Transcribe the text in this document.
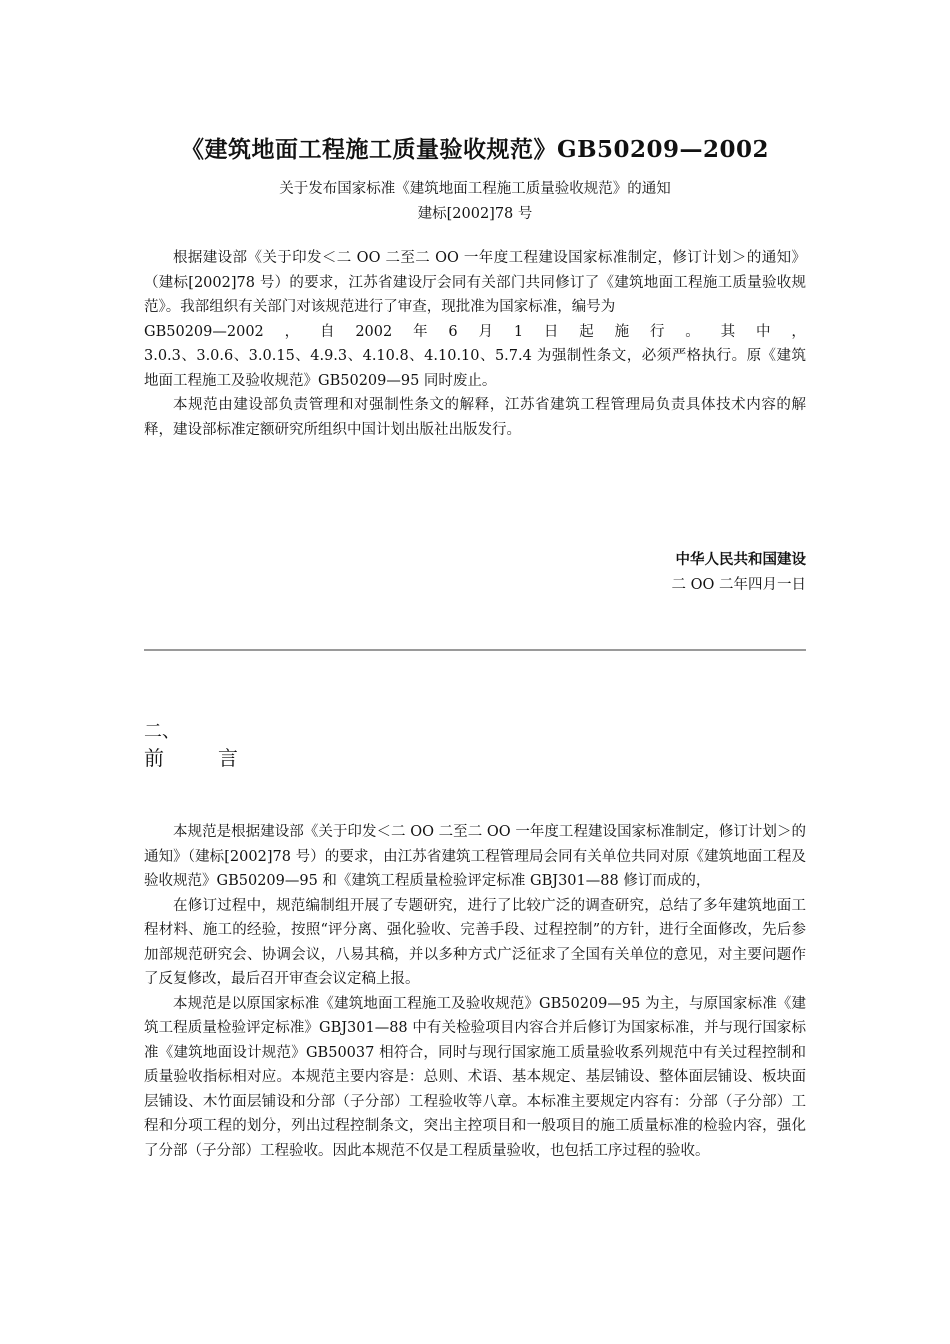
《建筑地面工程施工质量验收规范》GB50209—2002

关于发布国家标准《建筑地面工程施工质量验收规范》的通知

建标[2002]78 号

根据建设部《关于印发＜二 OO 二至二 OO 一年度工程建设国家标准制定，修订计划＞的通知》（建标[2002]78 号）的要求，江苏省建设厅会同有关部门共同修订了《建筑地面工程施工质量验收规范》。我部组织有关部门对该规范进行了审查，现批准为国家标准，编号为

GB50209—2002 ， 自 2002 年 6 月 1 日 起 施 行 。 其 中 ，

3.0.3、3.0.6、3.0.15、4.9.3、4.10.8、4.10.10、5.7.4 为强制性条文，必须严格执行。原《建筑地面工程施工及验收规范》GB50209—95 同时废止。

本规范由建设部负责管理和对强制性条文的解释，江苏省建筑工程管理局负责具体技术内容的解释，建设部标准定额研究所组织中国计划出版社出版发行。

中华人民共和国建设

二 OO 二年四月一日

二、

前	言

本规范是根据建设部《关于印发＜二 OO 二至二 OO 一年度工程建设国家标准制定，修订计划＞的通知》（建标[2002]78 号）的要求，由江苏省建筑工程管理局会同有关单位共同对原《建筑地面工程及验收规范》GB50209—95 和《建筑工程质量检验评定标准 GBJ301—88 修订而成的，

在修订过程中，规范编制组开展了专题研究，进行了比较广泛的调查研究，总结了多年建筑地面工程材料、施工的经验，按照“评分离、强化验收、完善手段、过程控制”的方针，进行全面修改，先后参加部规范研究会、协调会议，八易其稿，并以多种方式广泛征求了全国有关单位的意见，对主要问题作了反复修改，最后召开审查会议定稿上报。

本规范是以原国家标准《建筑地面工程施工及验收规范》GB50209—95 为主，与原国家标准《建筑工程质量检验评定标准》GBJ301—88 中有关检验项目内容合并后修订为国家标准，并与现行国家标准《建筑地面设计规范》GB50037 相符合，同时与现行国家施工质量验收系列规范中有关过程控制和质量验收指标相对应。本规范主要内容是：总则、术语、基本规定、基层铺设、整体面层铺设、板块面层铺设、木竹面层铺设和分部（子分部）工程验收等八章。本标准主要规定内容有：分部（子分部）工程和分项工程的划分，列出过程控制条文，突出主控项目和一般项目的施工质量标准的检验内容，强化了分部（子分部）工程验收。因此本规范不仅是工程质量验收，也包括工序过程的验收。
